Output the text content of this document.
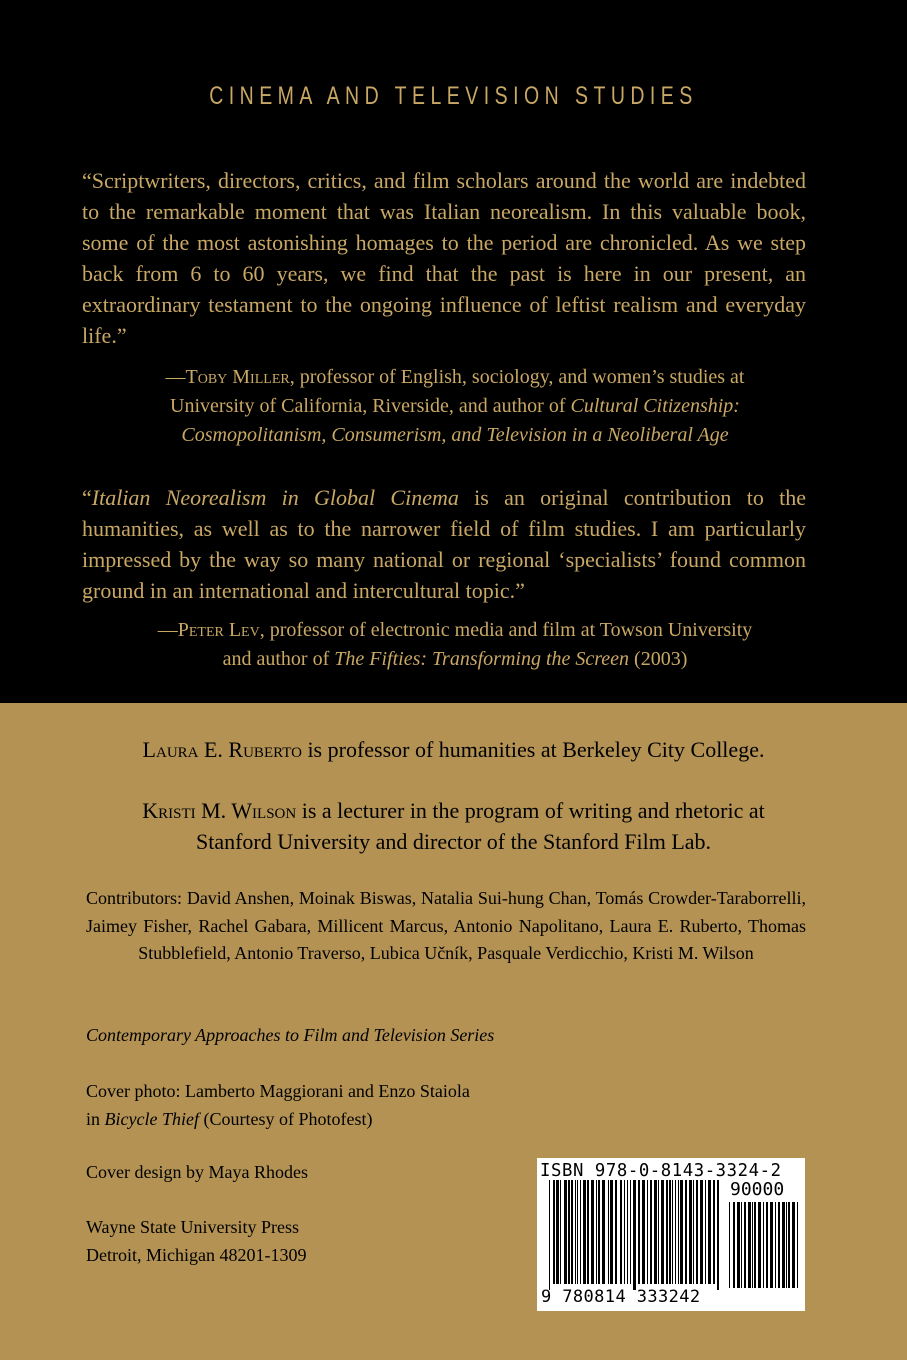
CINEMA AND TELEVISION STUDIES
“Scriptwriters, directors, critics, and film scholars around the world are indebted to the remarkable moment that was Italian neorealism. In this valuable book, some of the most astonishing homages to the period are chronicled. As we step back from 6 to 60 years, we find that the past is here in our present, an extraordinary testament to the ongoing influence of leftist realism and everyday life.”
—Toby Miller, professor of English, sociology, and women’s studies at
University of California, Riverside, and author of Cultural Citizenship:
Cosmopolitanism, Consumerism, and Television in a Neoliberal Age
“Italian Neorealism in Global Cinema is an original contribution to the humanities, as well as to the narrower field of film studies. I am particularly impressed by the way so many national or regional ‘specialists’ found common ground in an international and intercultural topic.”
—Peter Lev, professor of electronic media and film at Towson University
and author of The Fifties: Transforming the Screen (2003)
Laura E. Ruberto is professor of humanities at Berkeley City College.
Kristi M. Wilson is a lecturer in the program of writing and rhetoric at
Stanford University and director of the Stanford Film Lab.
Contributors: David Anshen, Moinak Biswas, Natalia Sui-hung Chan, Tomás Crowder-Taraborrelli, Jaimey Fisher, Rachel Gabara, Millicent Marcus, Antonio Napolitano, Laura E. Ruberto, Thomas Stubblefield, Antonio Traverso, Lubica Učník, Pasquale Verdicchio, Kristi M. Wilson
Contemporary Approaches to Film and Television Series
Cover photo: Lamberto Maggiorani and Enzo Staiola
in Bicycle Thief (Courtesy of Photofest)
Cover design by Maya Rhodes
Wayne State University Press
Detroit, Michigan 48201-1309
ISBN 978-0-8143-3324-2
90000
9 780814 333242
